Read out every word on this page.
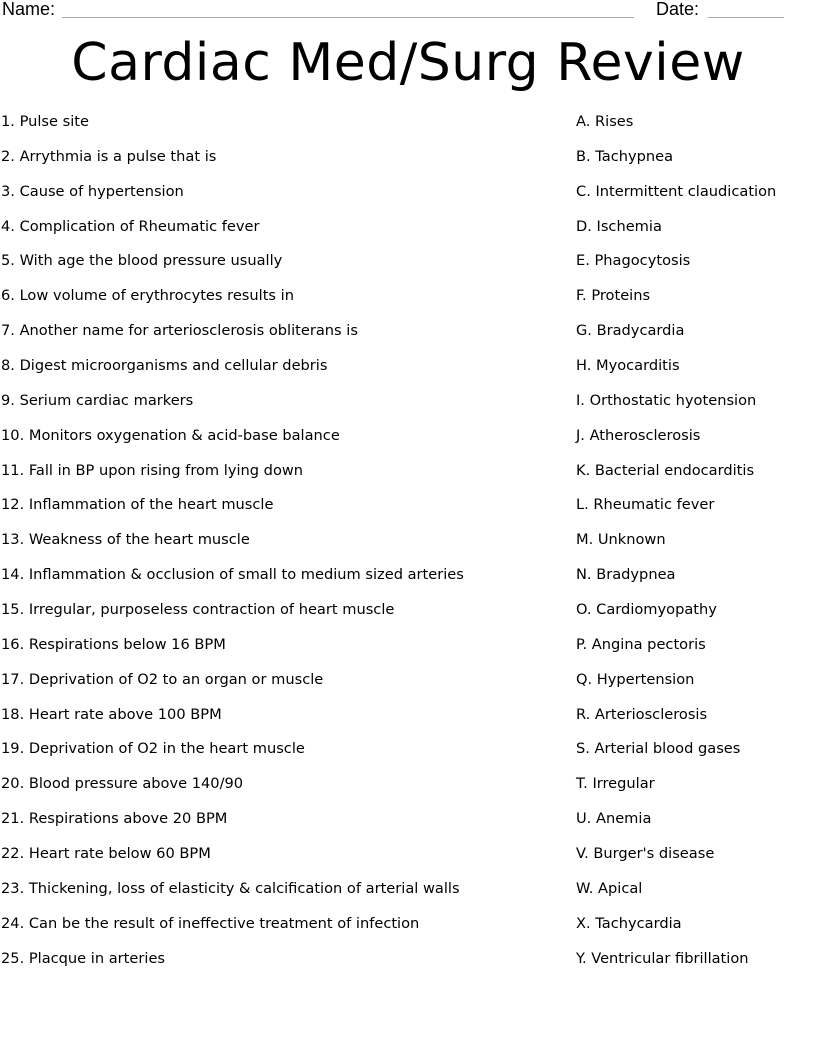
Name:	Date:
Cardiac Med/Surg Review
1. Pulse site
2. Arrythmia is a pulse that is
3. Cause of hypertension
4. Complication of Rheumatic fever
5. With age the blood pressure usually
6. Low volume of erythrocytes results in
7. Another name for arteriosclerosis obliterans is
8. Digest microorganisms and cellular debris
9. Serium cardiac markers
10. Monitors oxygenation & acid-base balance
11. Fall in BP upon rising from lying down
12. Inflammation of the heart muscle
13. Weakness of the heart muscle
14. Inflammation & occlusion of small to medium sized arteries
15. Irregular, purposeless contraction of heart muscle
16. Respirations below 16 BPM
17. Deprivation of O2 to an organ or muscle
18. Heart rate above 100 BPM
19. Deprivation of O2 in the heart muscle
20. Blood pressure above 140/90
21. Respirations above 20 BPM
22. Heart rate below 60 BPM
23. Thickening, loss of elasticity & calcification of arterial walls
24. Can be the result of ineffective treatment of infection
25. Placque in arteries
A. Rises
B. Tachypnea
C. Intermittent claudication
D. Ischemia
E. Phagocytosis
F. Proteins
G. Bradycardia
H. Myocarditis
I. Orthostatic hyotension
J. Atherosclerosis
K. Bacterial endocarditis
L. Rheumatic fever
M. Unknown
N. Bradypnea
O. Cardiomyopathy
P. Angina pectoris
Q. Hypertension
R. Arteriosclerosis
S. Arterial blood gases
T. Irregular
U. Anemia
V. Burger's disease
W. Apical
X. Tachycardia
Y. Ventricular fibrillation
